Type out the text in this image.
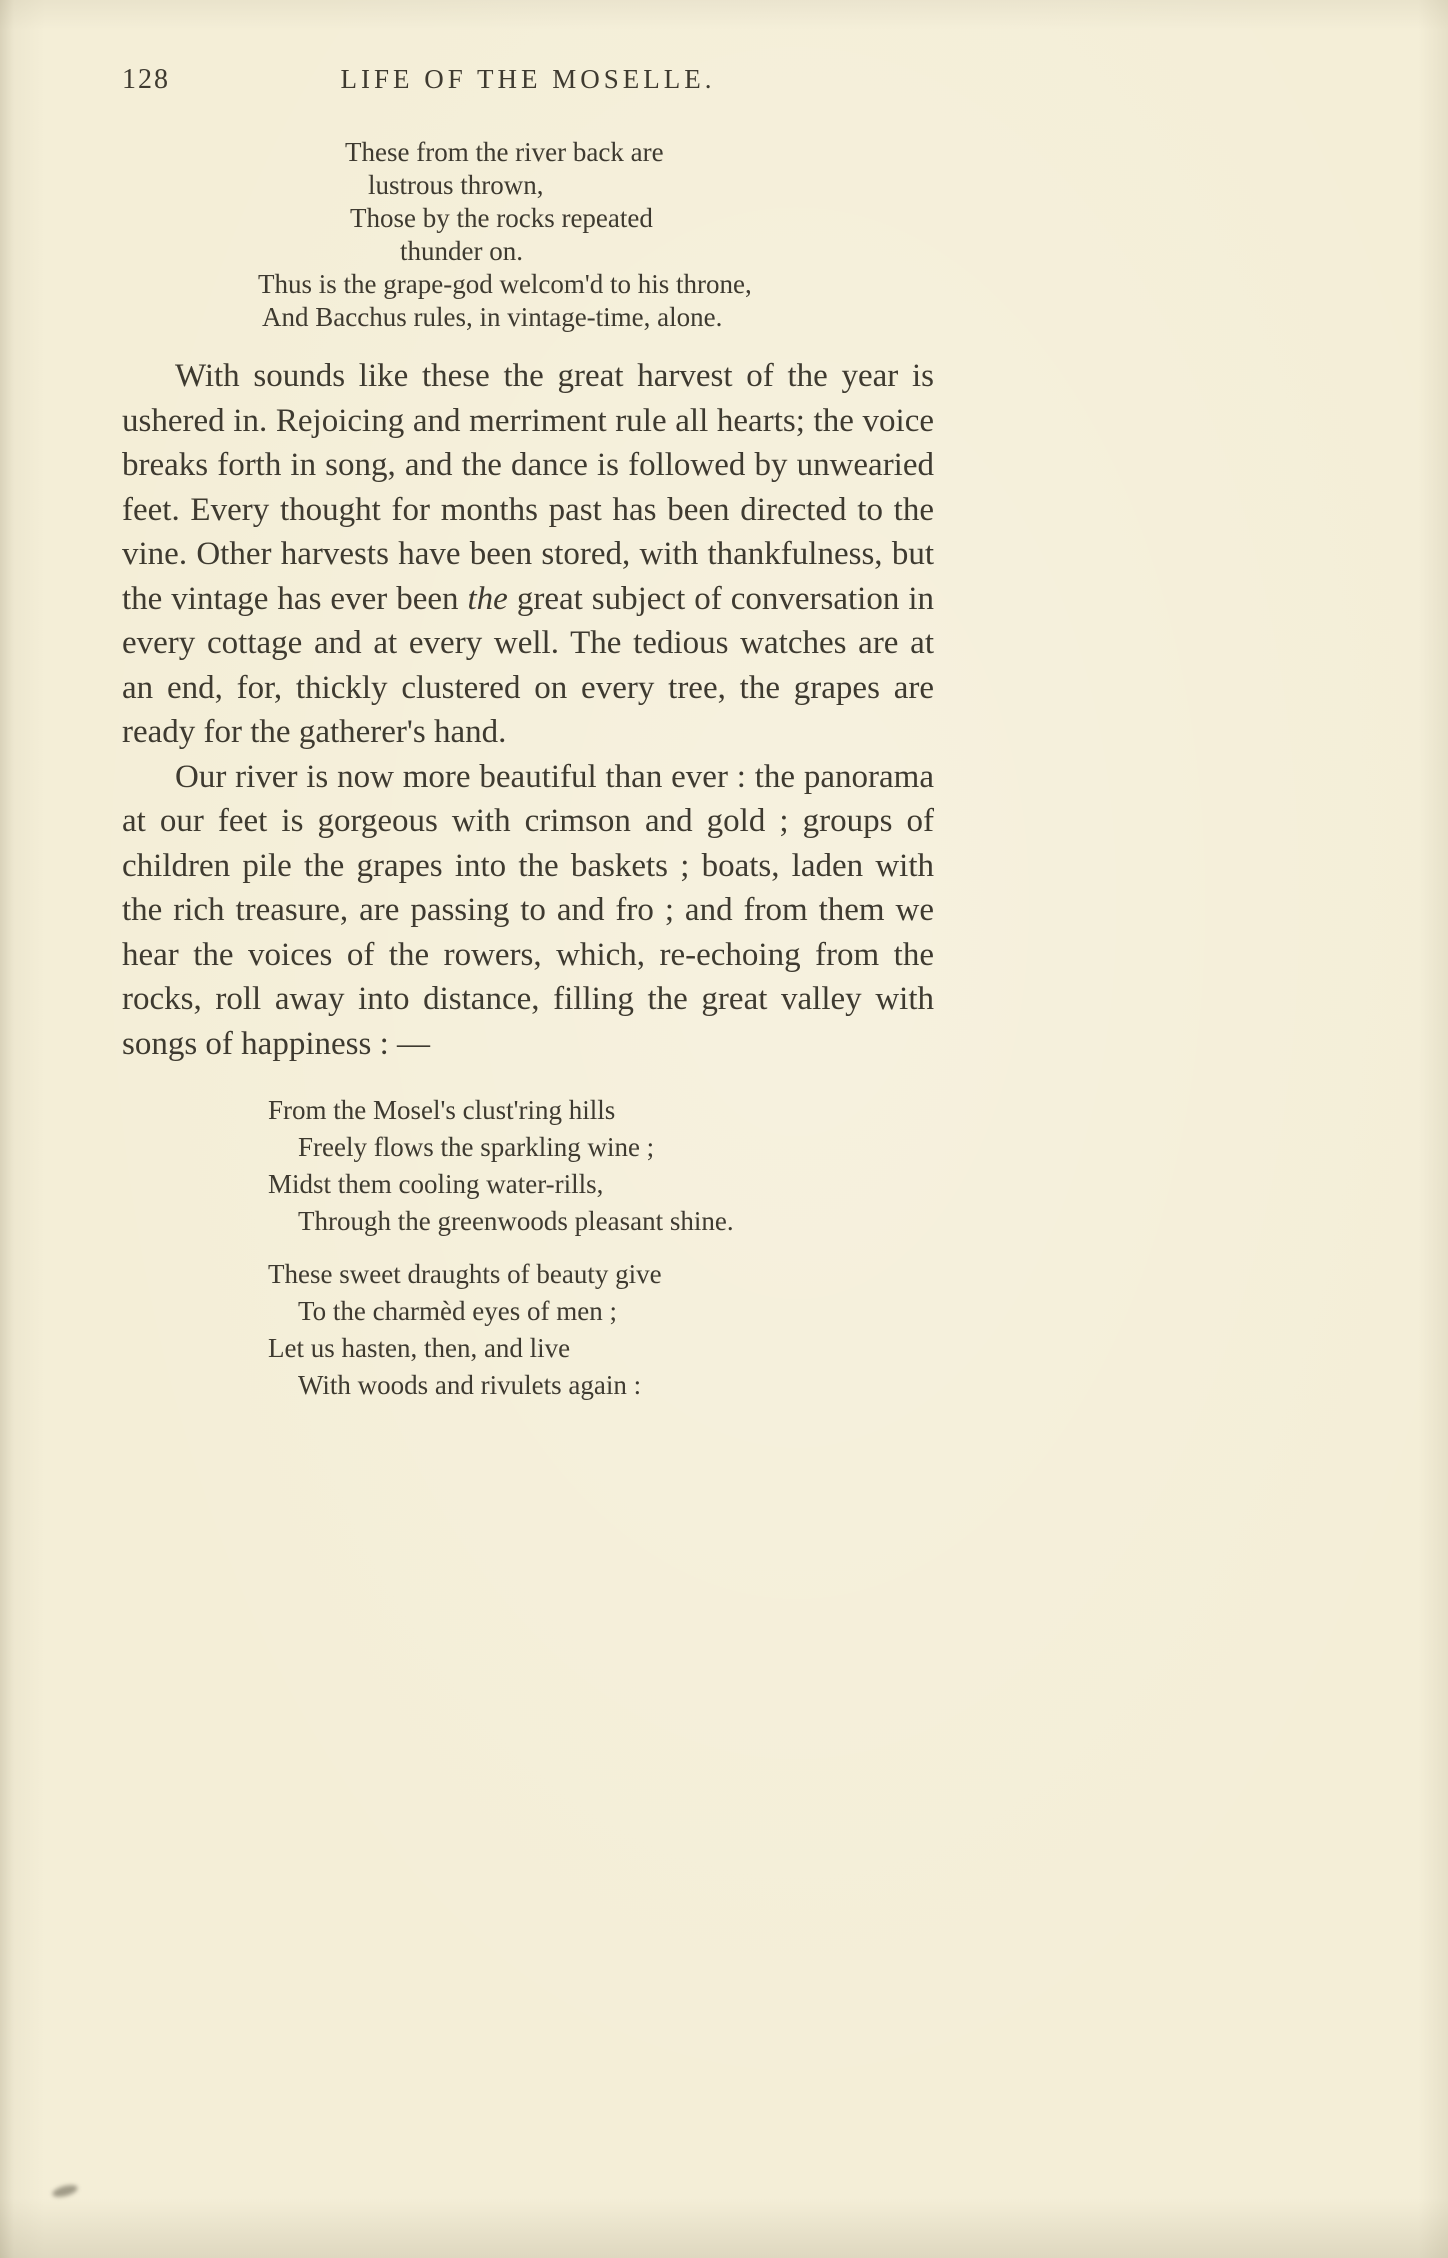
128	LIFE OF THE MOSELLE.
These from the river back are
lustrous thrown,
Those by the rocks repeated
thunder on.
Thus is the grape-god welcom'd to his throne,
And Bacchus rules, in vintage-time, alone.

With sounds like these the great harvest of the year is ushered in. Rejoicing and merriment rule all hearts; the voice breaks forth in song, and the dance is followed by unwearied feet. Every thought for months past has been directed to the vine. Other harvests have been stored, with thankfulness, but the vintage has ever been the great subject of conversation in every cottage and at every well. The tedious watches are at an end, for, thickly clustered on every tree, the grapes are ready for the gatherer's hand.

Our river is now more beautiful than ever : the panorama at our feet is gorgeous with crimson and gold ; groups of children pile the grapes into the baskets ; boats, laden with the rich treasure, are passing to and fro ; and from them we hear the voices of the rowers, which, re-echoing from the rocks, roll away into distance, filling the great valley with songs of happiness : —

From the Mosel's clust'ring hills
Freely flows the sparkling wine ;
Midst them cooling water-rills,
Through the greenwoods pleasant shine.
These sweet draughts of beauty give
To the charmèd eyes of men ;
Let us hasten, then, and live
With woods and rivulets again :
